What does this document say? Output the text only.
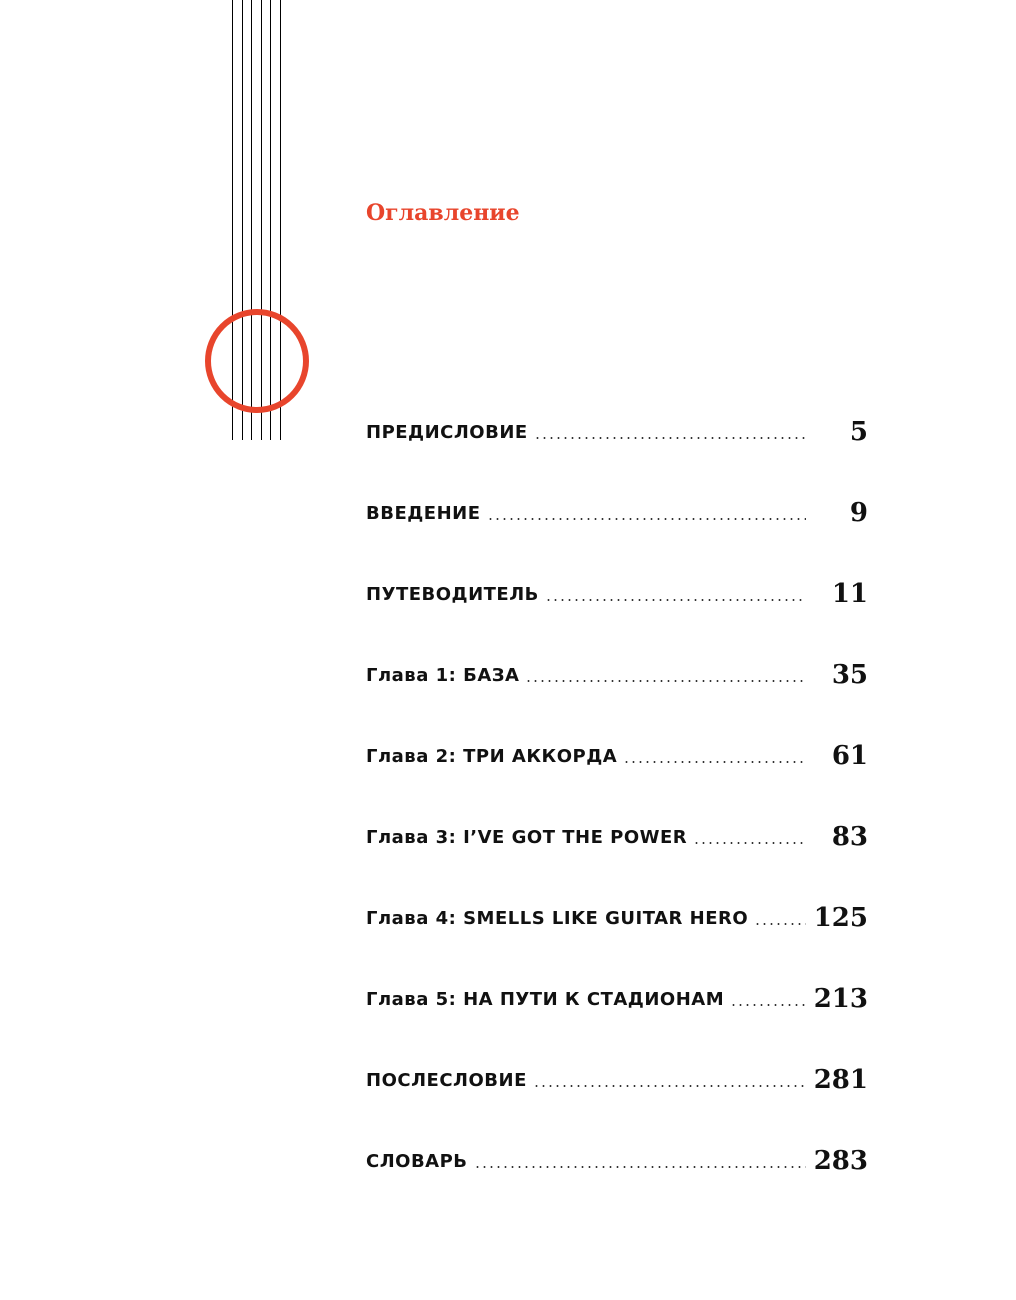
Оглавление
ПРЕДИСЛОВИЕ	5
ВВЕДЕНИЕ	9
ПУТЕВОДИТЕЛЬ	11
Глава 1: БАЗА	35
Глава 2: ТРИ АККОРДА	61
Глава 3: I’VE GOT THE POWER	83
Глава 4: SMELLS LIKE GUITAR HERO	125
Глава 5: НА ПУТИ К СТАДИОНАМ	213
ПОСЛЕСЛОВИЕ	281
СЛОВАРЬ	283
